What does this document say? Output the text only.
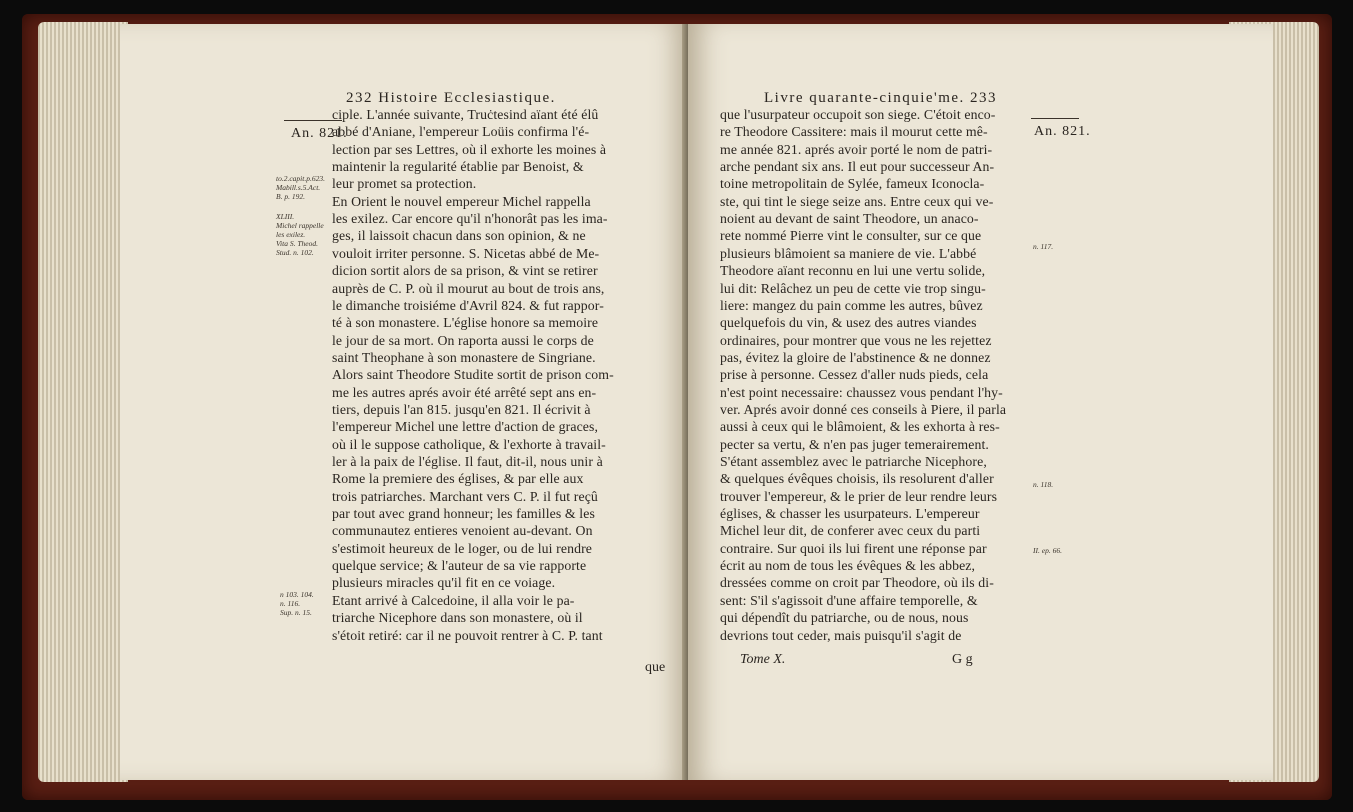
232 Histoire Ecclesiastique.
An. 821.
ciple. L'année suivante, Truċtesind aïant été élû
abbé d'Aniane, l'empereur Loüis confirma l'é-
lection par ses Lettres, où il exhorte les moines à
maintenir la regularité établie par Benoist, &
leur promet sa protection.
En Orient le nouvel empereur Michel rappella
les exilez. Car encore qu'il n'honorât pas les ima-
ges, il laissoit chacun dans son opinion, & ne
vouloit irriter personne. S. Nicetas abbé de Me-
dicion sortit alors de sa prison, & vint se retirer
auprès de C. P. où il mourut au bout de trois ans,
le dimanche troisiéme d'Avril 824. & fut rappor-
té à son monastere. L'église honore sa memoire
le jour de sa mort. On raporta aussi le corps de
saint Theophane à son monastere de Singriane.
Alors saint Theodore Studite sortit de prison com-
me les autres aprés avoir été arrêté sept ans en-
tiers, depuis l'an 815. jusqu'en 821. Il écrivit à
l'empereur Michel une lettre d'action de graces,
où il le suppose catholique, & l'exhorte à travail-
ler à la paix de l'église. Il faut, dit-il, nous unir à
Rome la premiere des églises, & par elle aux
trois patriarches. Marchant vers C. P. il fut reçû
par tout avec grand honneur; les familles & les
communautez entieres venoient au-devant. On
s'estimoit heureux de le loger, ou de lui rendre
quelque service; & l'auteur de sa vie rapporte
plusieurs miracles qu'il fit en ce voiage.
Etant arrivé à Calcedoine, il alla voir le pa-
triarche Nicephore dans son monastere, où il
s'étoit retiré: car il ne pouvoit rentrer à C. P. tant
to.2.capit.p.623.
Mabill.s.5.Act.
B. p. 192.
XLIII.
Michel rappelle
les exilez.
Vita S. Theod.
Stud. n. 102.
n 103. 104.
n. 116.
Sup. n. 15.
que
Livre quarante-cinquie'me. 233
An. 821.
que l'usurpateur occupoit son siege. C'étoit enco-
re Theodore Cassitere: mais il mourut cette mê-
me année 821. aprés avoir porté le nom de patri-
arche pendant six ans. Il eut pour successeur An-
toine metropolitain de Sylée, fameux Iconocla-
ste, qui tint le siege seize ans. Entre ceux qui ve-
noient au devant de saint Theodore, un anaco-
rete nommé Pierre vint le consulter, sur ce que
plusieurs blâmoient sa maniere de vie. L'abbé
Theodore aïant reconnu en lui une vertu solide,
lui dit: Relâchez un peu de cette vie trop singu-
liere: mangez du pain comme les autres, bûvez
quelquefois du vin, & usez des autres viandes
ordinaires, pour montrer que vous ne les rejettez
pas, évitez la gloire de l'abstinence & ne donnez
prise à personne. Cessez d'aller nuds pieds, cela
n'est point necessaire: chaussez vous pendant l'hy-
ver. Aprés avoir donné ces conseils à Piere, il parla
aussi à ceux qui le blâmoient, & les exhorta à res-
pecter sa vertu, & n'en pas juger temerairement.
S'étant assemblez avec le patriarche Nicephore,
& quelques évêques choisis, ils resolurent d'aller
trouver l'empereur, & le prier de leur rendre leurs
églises, & chasser les usurpateurs. L'empereur
Michel leur dit, de conferer avec ceux du parti
contraire. Sur quoi ils lui firent une réponse par
écrit au nom de tous les évêques & les abbez,
dressées comme on croit par Theodore, où ils di-
sent: S'il s'agissoit d'une affaire temporelle, &
qui dépendît du patriarche, ou de nous, nous
devrions tout ceder, mais puisqu'il s'agit de
n. 117.
n. 118.
II. ep. 66.
Tome X.	G g
